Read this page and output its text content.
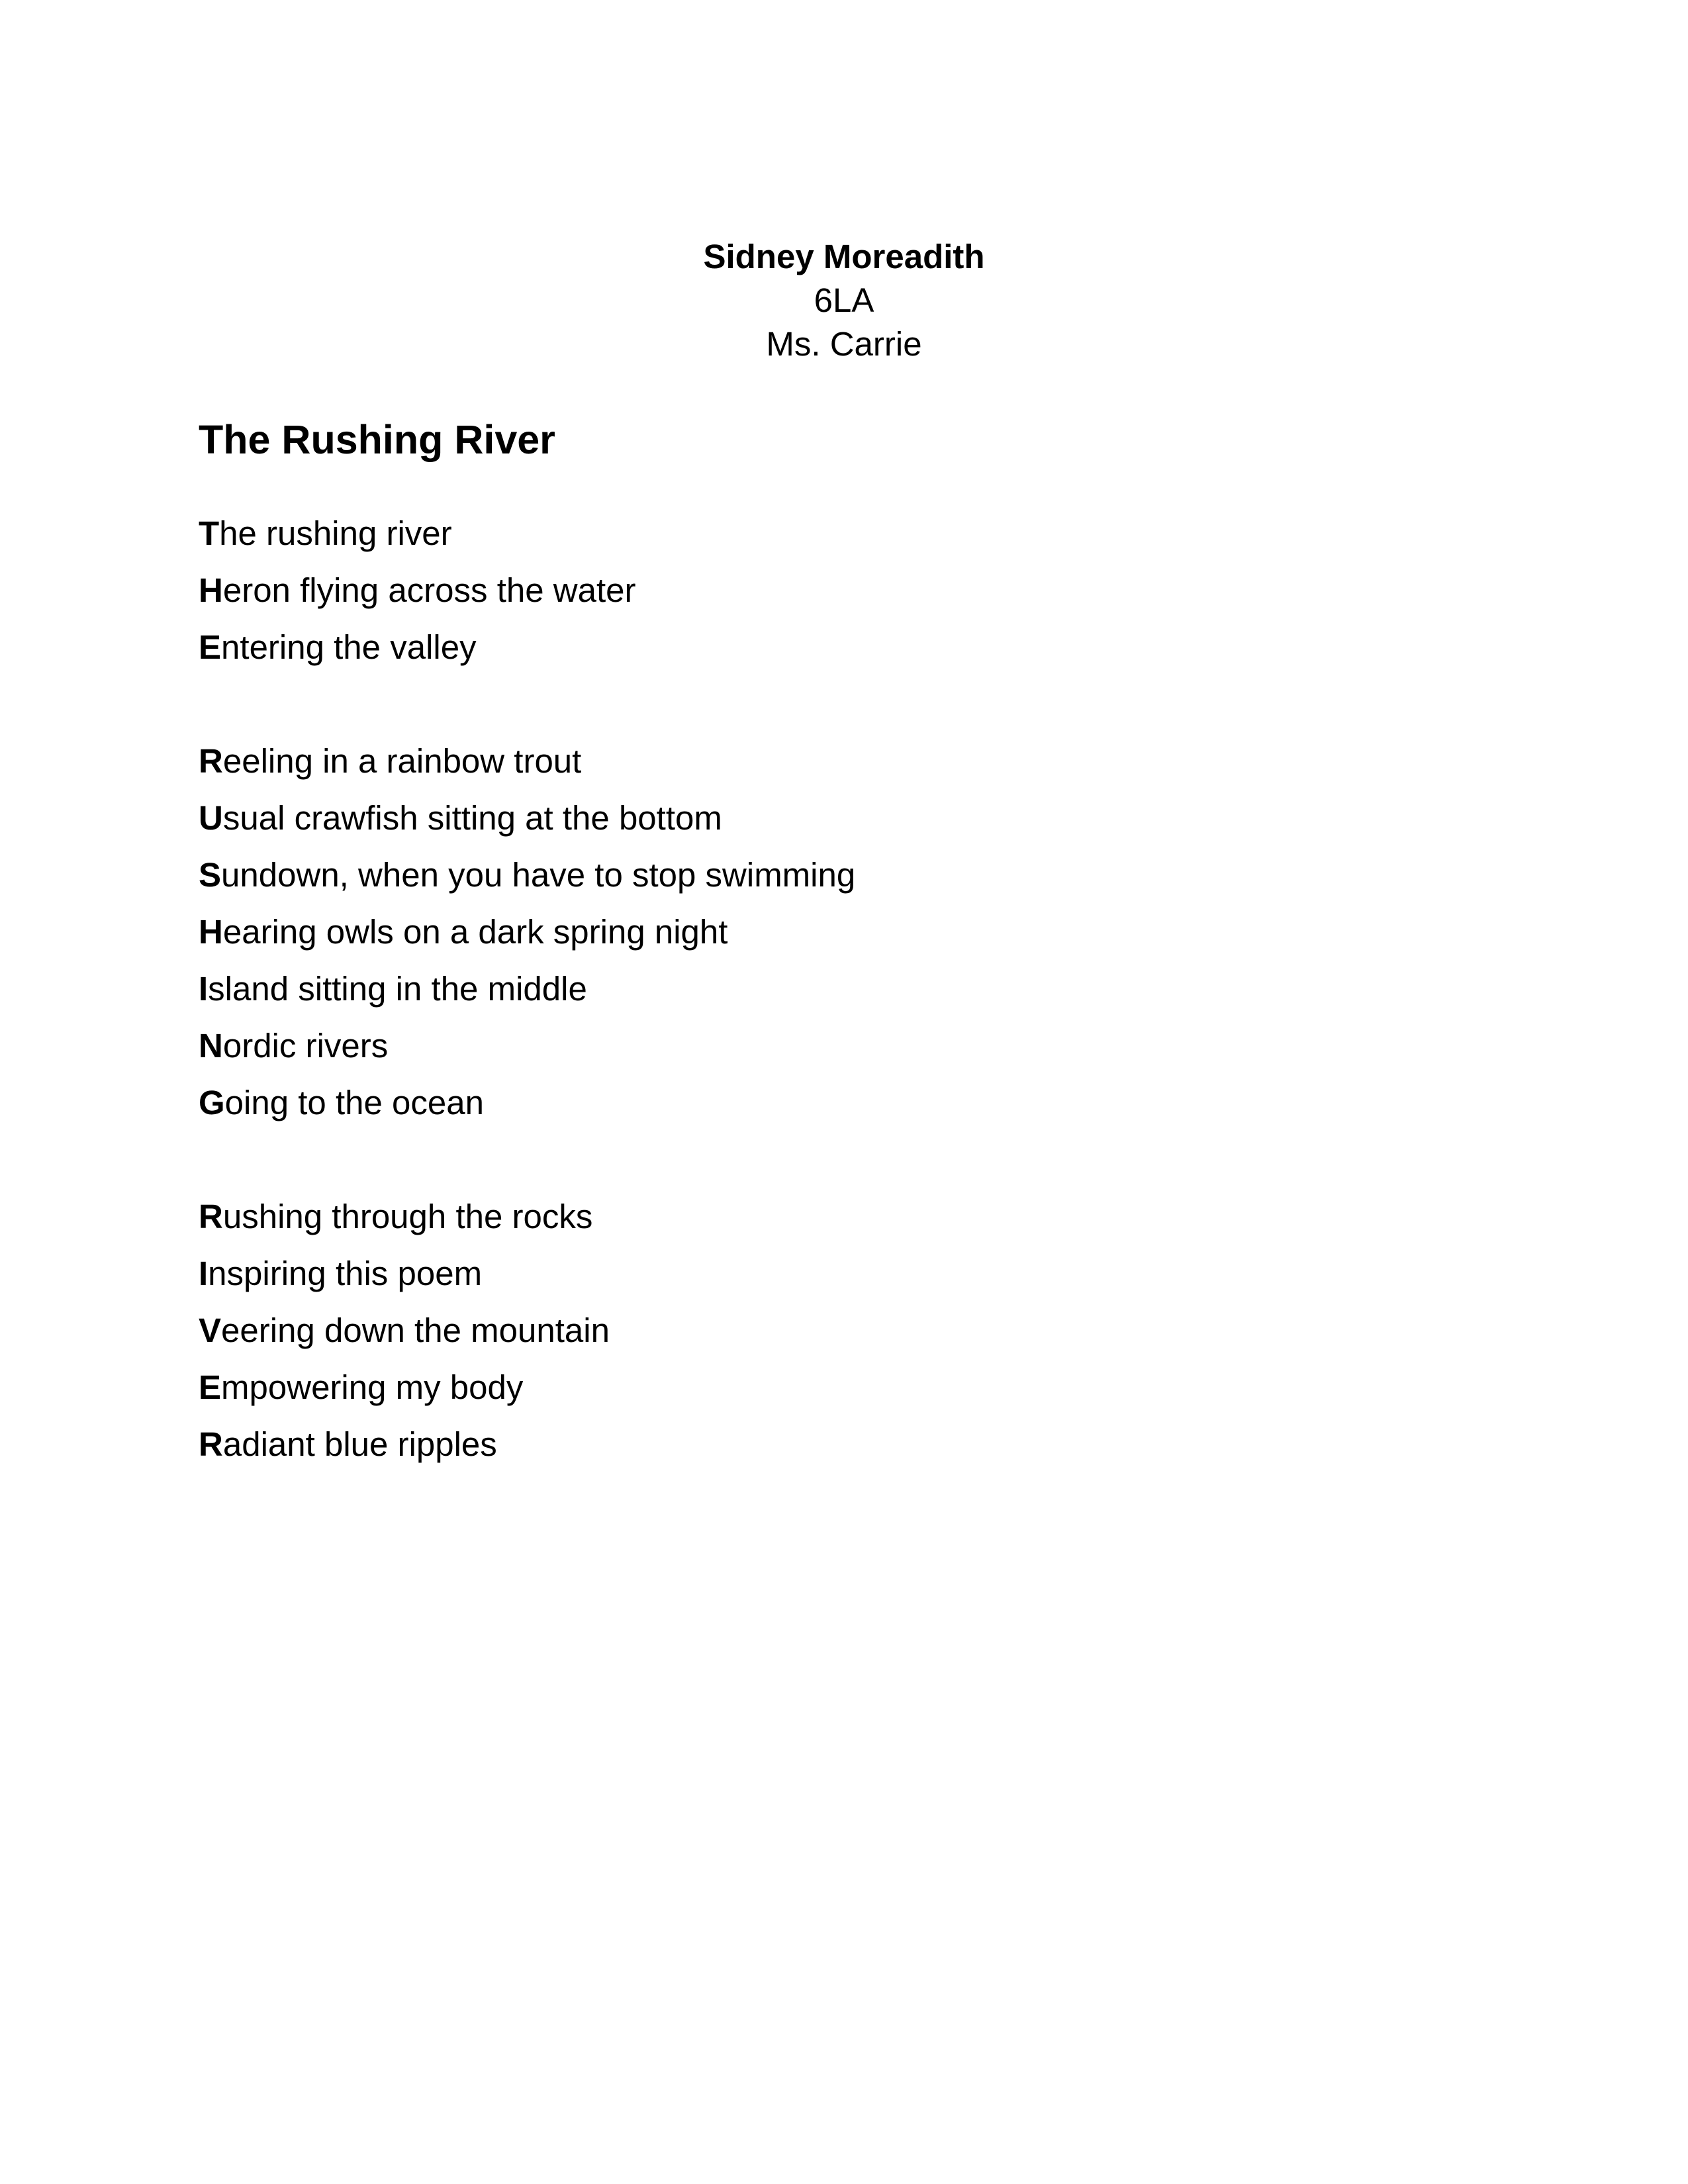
Sidney Moreadith
6LA
Ms. Carrie
The Rushing River
The rushing river
Heron flying across the water
Entering the valley
Reeling in a rainbow trout
Usual crawfish sitting at the bottom
Sundown, when you have to stop swimming
Hearing owls on a dark spring night
Island sitting in the middle
Nordic rivers
Going to the ocean
Rushing through the rocks
Inspiring this poem
Veering down the mountain
Empowering my body
Radiant blue ripples
